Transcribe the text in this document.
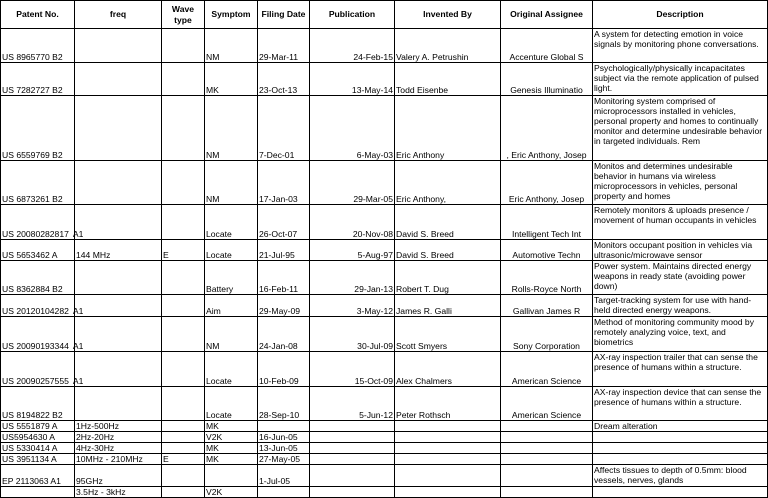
Patent No.	freq	Wave type	Symptom	Filing Date	Publication	Invented By	Original Assignee	Description
US 8965770 B2			NM	29-Mar-11	24-Feb-15	Valery A. Petrushin	Accenture Global S	A system for detecting emotion in voice signals by monitoring phone conversations.
US 7282727 B2			MK	23-Oct-13	13-May-14	Todd Eisenbe	Genesis Illuminatio	Psychologically/physically incapacitates subject via the remote application of pulsed light.
US 6559769 B2			NM	7-Dec-01	6-May-03	Eric Anthony	, Eric Anthony, Josep	Monitoring system comprised of microprocessors installed in vehicles, personal property and homes to continually monitor and determine undesirable behavior in targeted individuals. Rem
US 6873261 B2			NM	17-Jan-03	29-Mar-05	Eric Anthony,	Eric Anthony, Josep	Monitos and determines undesirable behavior in humans via wireless microprocessors in vehicles, personal property and homes
US 20080282817 A1			Locate	26-Oct-07	20-Nov-08	David S. Breed	Intelligent Tech Int	Remotely monitors & uploads presence / movement of human occupants in vehicles
US 5653462 A	144 MHz	E	Locate	21-Jul-95	5-Aug-97	David S. Breed	Automotive Techn	Monitors occupant position in vehicles via ultrasonic/microwave sensor
US 8362884 B2			Battery	16-Feb-11	29-Jan-13	Robert T. Dug	Rolls-Royce North	Power system. Maintains directed energy weapons in ready state (avoiding power down)
US 20120104282 A1			Aim	29-May-09	3-May-12	James R. Galli	Gallivan James R	Target-tracking system for use with hand-held directed energy weapons.
US 20090193344 A1			NM	24-Jan-08	30-Jul-09	Scott Smyers	Sony Corporation	Method of monitoring community mood by remotely analyzing voice, text, and biometrics
US 20090257555 A1			Locate	10-Feb-09	15-Oct-09	Alex Chalmers	American Science	AX-ray inspection trailer that can sense the presence of humans within a structure.
US 8194822 B2			Locate	28-Sep-10	5-Jun-12	Peter Rothsch	American Science	AX-ray inspection device that can sense the presence of humans within a structure.
US 5551879 A	1Hz-500Hz		MK					Dream alteration
US5954630 A	2Hz-20Hz		V2K	16-Jun-05				
US 5330414 A	4Hz-30Hz		MK	13-Jun-05				
US 3951134 A	10MHz - 210MHz	E	MK	27-May-05				
EP 2113063 A1	95GHz			1-Jul-05				Affects tissues to depth of 0.5mm: blood vessels, nerves, glands
	3.5Hz - 3kHz		V2K					
